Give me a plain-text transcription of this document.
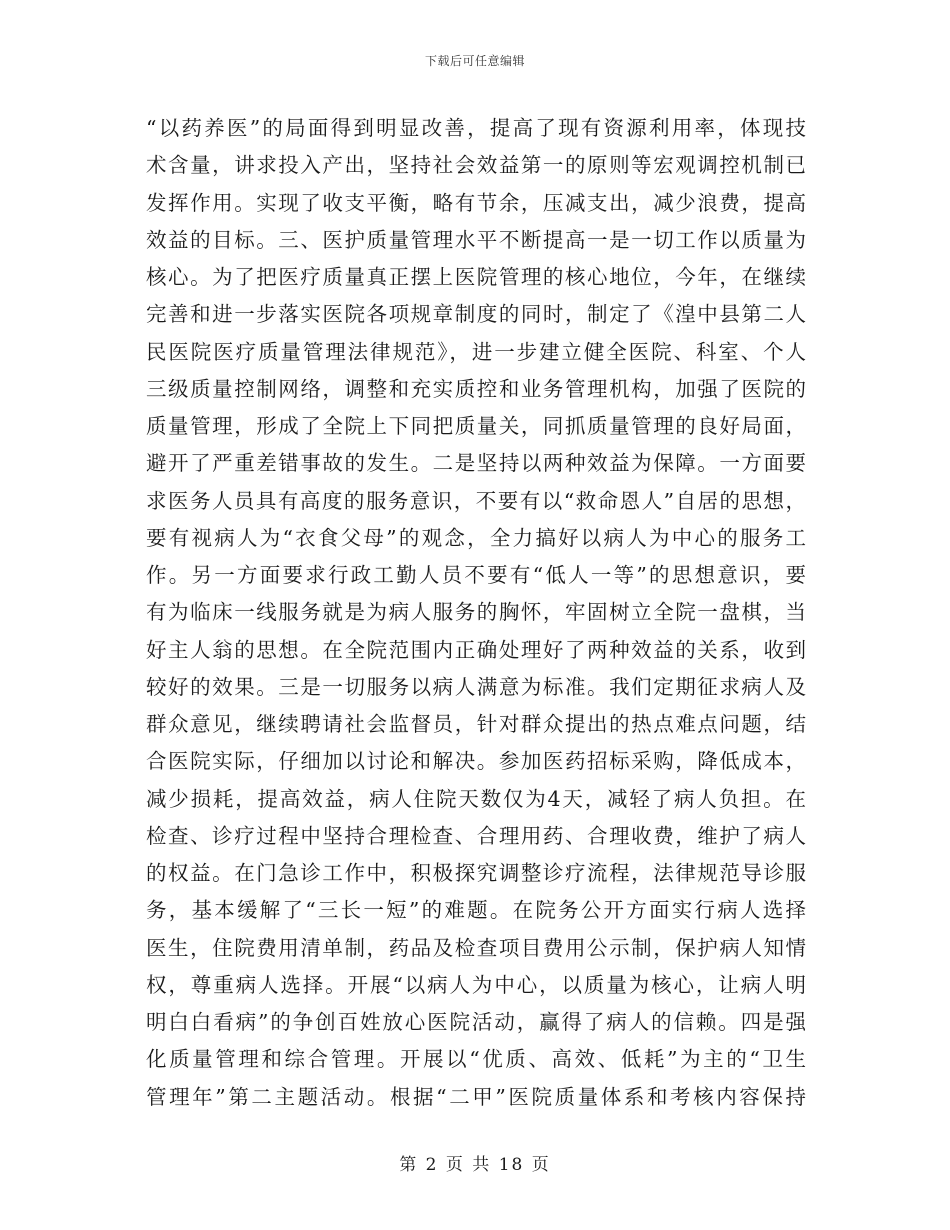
下载后可任意编辑
“以药养医”的局面得到明显改善，提高了现有资源利用率，体现技
术含量，讲求投入产出，坚持社会效益第一的原则等宏观调控机制已
发挥作用。实现了收支平衡，略有节余，压减支出，减少浪费，提高
效益的目标。三、医护质量管理水平不断提高一是一切工作以质量为
核心。为了把医疗质量真正摆上医院管理的核心地位，今年，在继续
完善和进一步落实医院各项规章制度的同时，制定了《湟中县第二人
民医院医疗质量管理法律规范》，进一步建立健全医院、科室、个人
三级质量控制网络，调整和充实质控和业务管理机构，加强了医院的
质量管理，形成了全院上下同把质量关，同抓质量管理的良好局面，
避开了严重差错事故的发生。二是坚持以两种效益为保障。一方面要
求医务人员具有高度的服务意识，不要有以“救命恩人”自居的思想，
要有视病人为“衣食父母”的观念，全力搞好以病人为中心的服务工
作。另一方面要求行政工勤人员不要有“低人一等”的思想意识，要
有为临床一线服务就是为病人服务的胸怀，牢固树立全院一盘棋，当
好主人翁的思想。在全院范围内正确处理好了两种效益的关系，收到
较好的效果。三是一切服务以病人满意为标准。我们定期征求病人及
群众意见，继续聘请社会监督员，针对群众提出的热点难点问题，结
合医院实际，仔细加以讨论和解决。参加医药招标采购，降低成本，
减少损耗，提高效益，病人住院天数仅为4天，减轻了病人负担。在
检查、诊疗过程中坚持合理检查、合理用药、合理收费，维护了病人
的权益。在门急诊工作中，积极探究调整诊疗流程，法律规范导诊服
务，基本缓解了“三长一短”的难题。在院务公开方面实行病人选择
医生，住院费用清单制，药品及检查项目费用公示制，保护病人知情
权，尊重病人选择。开展“以病人为中心，以质量为核心，让病人明
明白白看病”的争创百姓放心医院活动，赢得了病人的信赖。四是强
化质量管理和综合管理。开展以“优质、高效、低耗”为主的“卫生
管理年”第二主题活动。根据“二甲”医院质量体系和考核内容保持
第 2 页 共 18 页
